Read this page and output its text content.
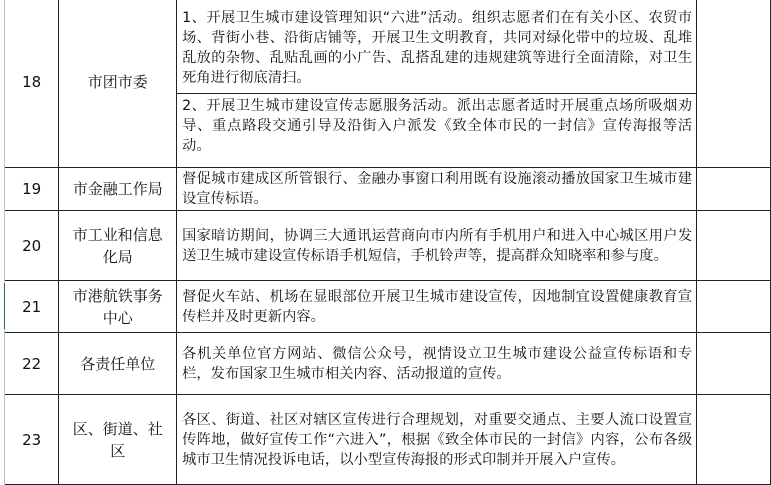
	18	市团市委	1、开展卫生城市建设管理知识“六进”活动。组织志愿者们在有关小区、农贸市场、背街小巷、沿街店铺等，开展卫生文明教育，共同对绿化带中的垃圾、乱堆乱放的杂物、乱贴乱画的小广告、乱搭乱建的违规建筑等进行全面清除，对卫生死角进行彻底清扫。
2、开展卫生城市建设宣传志愿服务活动。派出志愿者适时开展重点场所吸烟劝导、重点路段交通引导及沿街入户派发《致全体市民的一封信》宣传海报等活动。	

	19	市金融工作局	督促城市建成区所管银行、金融办事窗口利用既有设施滚动播放国家卫生城市建设宣传标语。	

	20	市工业和信息化局	国家暗访期间，协调三大通讯运营商向市内所有手机用户和进入中心城区用户发送卫生城市建设宣传标语手机短信，手机铃声等，提高群众知晓率和参与度。	

	21	市港航铁事务中心	督促火车站、机场在显眼部位开展卫生城市建设宣传，因地制宜设置健康教育宣传栏并及时更新内容。	

	22	各责任单位	各机关单位官方网站、微信公众号，视情设立卫生城市建设公益宣传标语和专栏，发布国家卫生城市相关内容、活动报道的宣传。	

	23	区、街道、社区	各区、街道、社区对辖区宣传进行合理规划，对重要交通点、主要人流口设置宣传阵地，做好宣传工作“六进入”，根据《致全体市民的一封信》内容，公布各级城市卫生情况投诉电话，以小型宣传海报的形式印制并开展入户宣传。	
